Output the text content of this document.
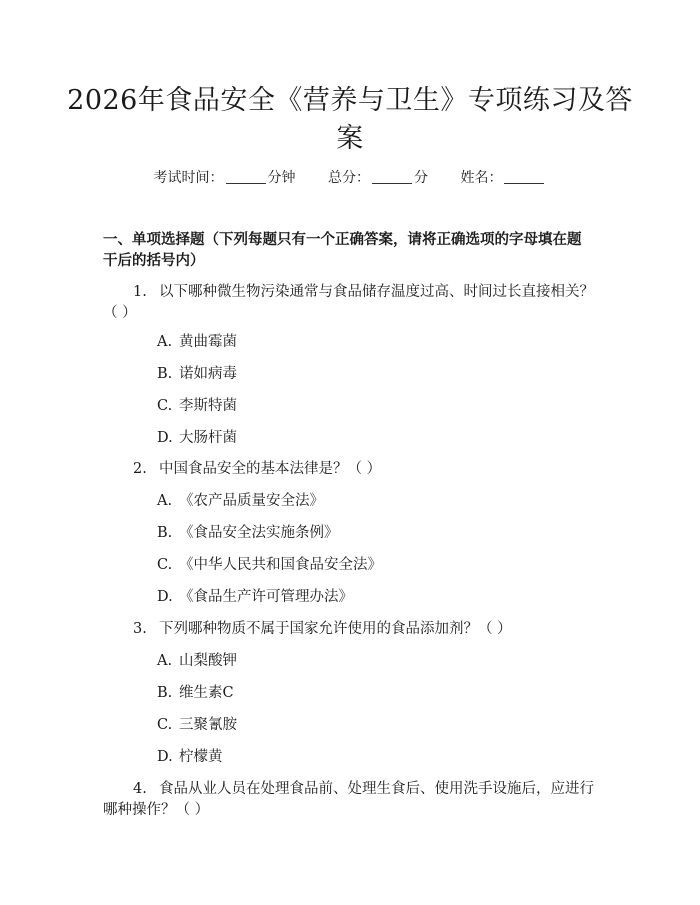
2026年食品安全《营养与卫生》专项练习及答案
考试时间：	分钟 总分：	分 姓名：
一、单项选择题（下列每题只有一个正确答案，请将正确选项的字母填在题干后的括号内）
1. 以下哪种微生物污染通常与食品储存温度过高、时间过长直接相关？（ ）
A. 黄曲霉菌
B. 诺如病毒
C. 李斯特菌
D. 大肠杆菌
2. 中国食品安全的基本法律是？（ ）
A. 《农产品质量安全法》
B. 《食品安全法实施条例》
C. 《中华人民共和国食品安全法》
D. 《食品生产许可管理办法》
3. 下列哪种物质不属于国家允许使用的食品添加剂？（ ）
A. 山梨酸钾
B. 维生素C
C. 三聚氰胺
D. 柠檬黄
4. 食品从业人员在处理食品前、处理生食后、使用洗手设施后，应进行哪种操作？（ ）
